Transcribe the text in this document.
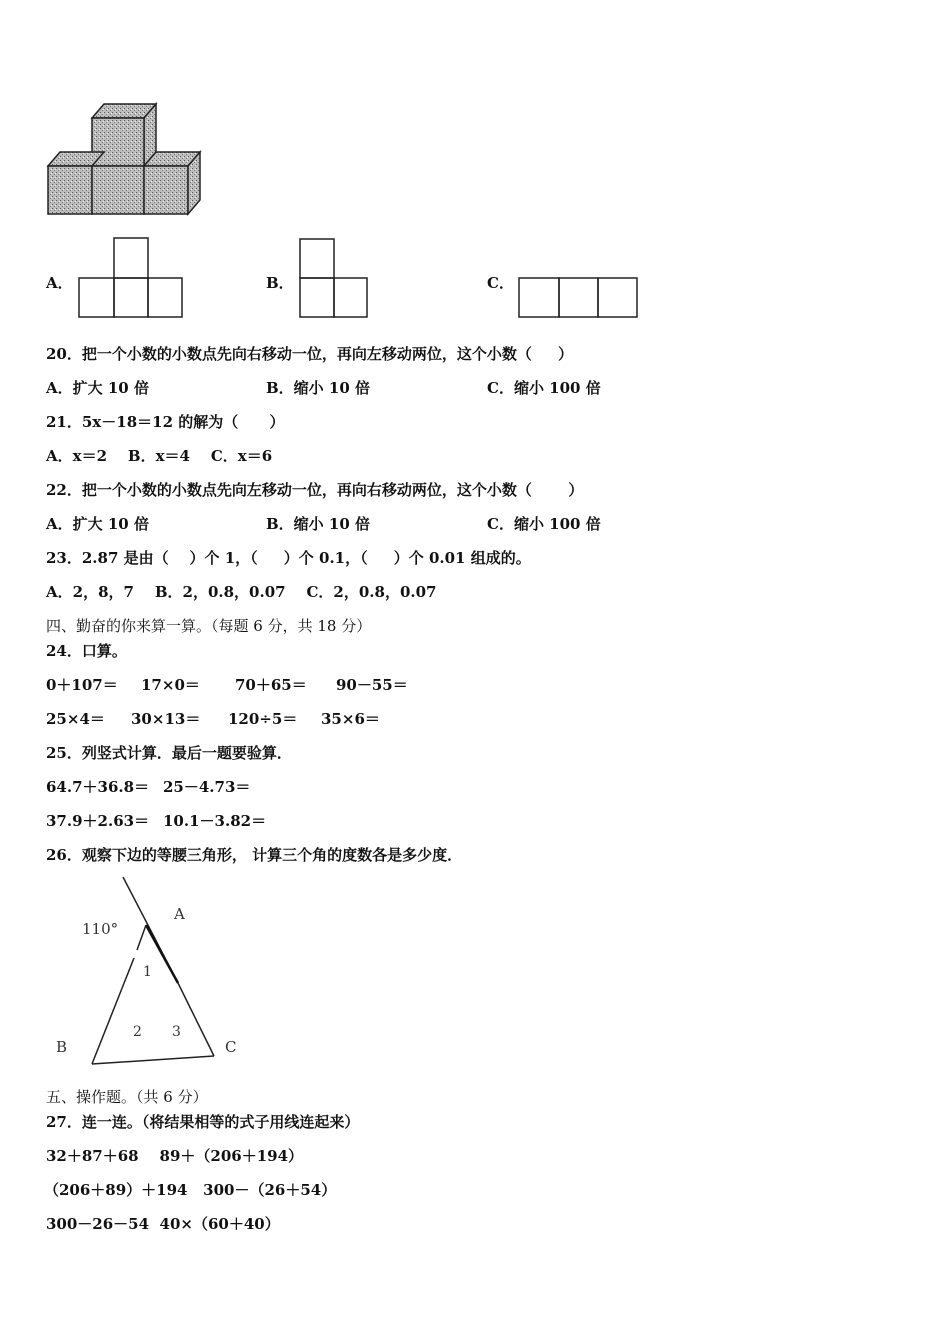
A．	B．	C．
20．把一个小数的小数点先向右移动一位，再向左移动两位，这个小数（     ）
A．扩大 10 倍	B．缩小 10 倍	C．缩小 100 倍
21．5x－18＝12 的解为（      ）
A．x＝2    B．x＝4    C．x＝6
22．把一个小数的小数点先向左移动一位，再向右移动两位，这个小数（       ）
A．扩大 10 倍	B．缩小 10 倍	C．缩小 100 倍
23．2.87 是由（    ）个 1，（     ）个 0.1，（     ）个 0.01 组成的。
A．2，8，7    B．2，0.8，0.07    C．2，0.8，0.07
四、勤奋的你来算一算。（每题 6 分，共 18 分）
24．口算。
0＋107＝ 17×0＝ 70＋65＝ 90－55＝
25×4＝ 30×13＝ 120÷5＝ 35×6＝
25．列竖式计算．最后一题要验算．
64.7＋36.8＝ 25－4.73＝
37.9＋2.63＝ 10.1－3.82＝
26．观察下边的等腰三角形， 计算三个角的度数各是多少度．
110°
A
B	C
1
2 3
五、操作题。（共 6 分）
27．连一连。（将结果相等的式子用线连起来）
32＋87＋68    89＋（206＋194）
（206＋89）＋194   300－（26＋54）
300－26－54  40×（60＋40）
